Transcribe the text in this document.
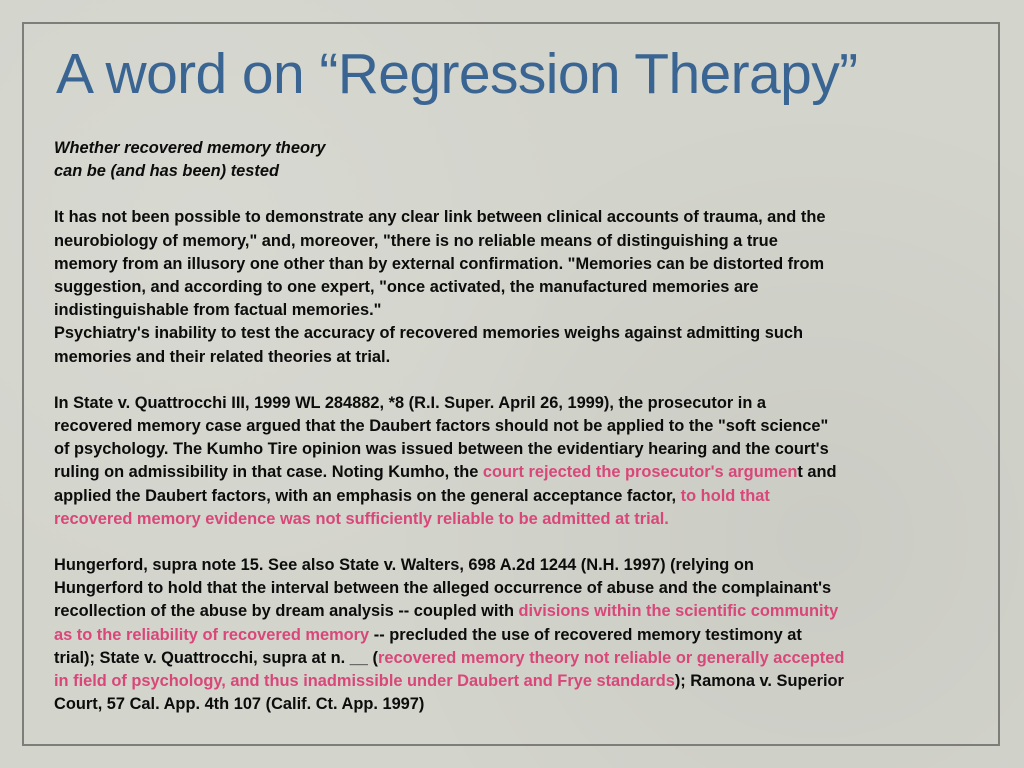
A word on “Regression Therapy”
Whether recovered memory theory
can be (and has been) tested
It has not been possible to demonstrate any clear link between clinical accounts of trauma, and the
neurobiology of memory," and, moreover, "there is no reliable means of distinguishing a true
memory from an illusory one other than by external confirmation. "Memories can be distorted from
suggestion, and according to one expert, "once activated, the manufactured memories are
indistinguishable from factual memories."
Psychiatry's inability to test the accuracy of recovered memories weighs against admitting such
memories and their related theories at trial.
In State v. Quattrocchi III, 1999 WL 284882, *8 (R.I. Super. April 26, 1999), the prosecutor in a
recovered memory case argued that the Daubert factors should not be applied to the "soft science"
of psychology. The Kumho Tire opinion was issued between the evidentiary hearing and the court's
ruling on admissibility in that case. Noting Kumho, the court rejected the prosecutor's argument and
applied the Daubert factors, with an emphasis on the general acceptance factor, to hold that
recovered memory evidence was not sufficiently reliable to be admitted at trial.
Hungerford, supra note 15. See also State v. Walters, 698 A.2d 1244 (N.H. 1997) (relying on
Hungerford to hold that the interval between the alleged occurrence of abuse and the complainant's
recollection of the abuse by dream analysis -- coupled with divisions within the scientific community
as to the reliability of recovered memory -- precluded the use of recovered memory testimony at
trial); State v. Quattrocchi, supra at n. __ (recovered memory theory not reliable or generally accepted
in field of psychology, and thus inadmissible under Daubert and Frye standards); Ramona v. Superior
Court, 57 Cal. App. 4th 107 (Calif. Ct. App. 1997)
